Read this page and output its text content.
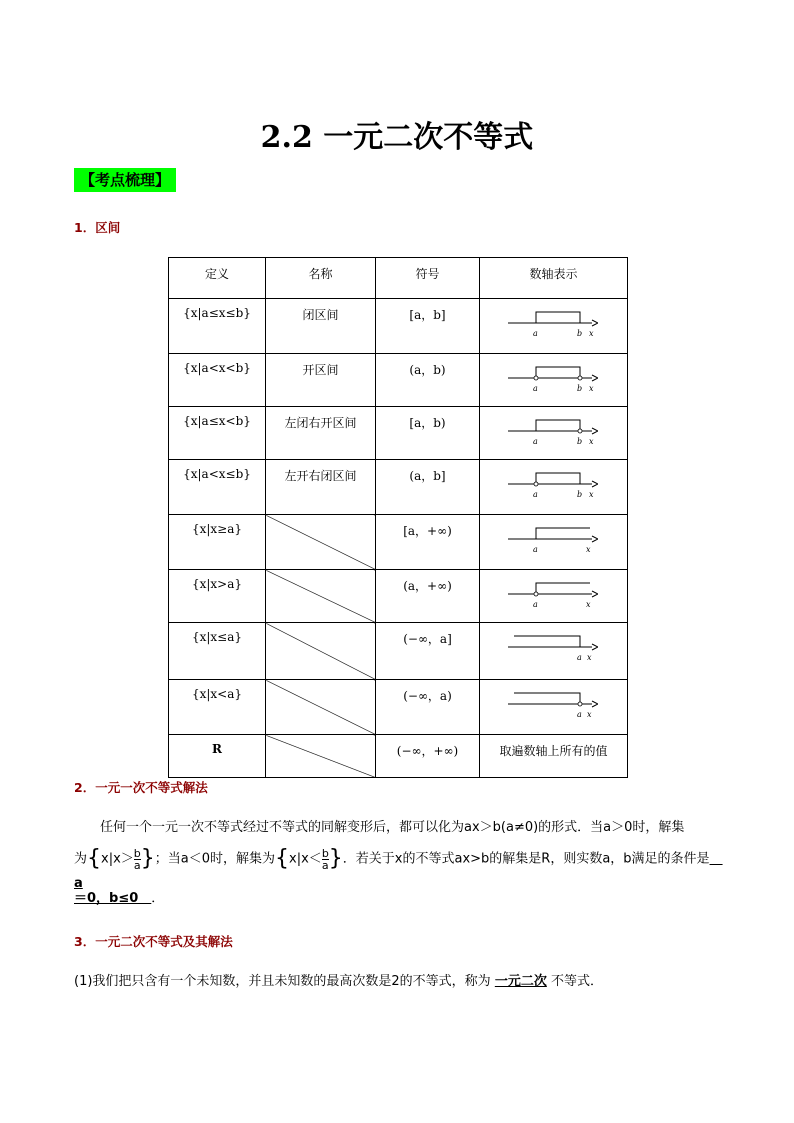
2.2 一元二次不等式
【考点梳理】
1．区间
定义	名称	符号	数轴表示

{x|a≤x≤b}	闭区间	[a，b]	a b x

{x|a<x<b}	开区间	(a，b)	a b x

{x|a≤x<b}	左闭右开区间	[a，b)	a b x

{x|a<x≤b}	左开右闭区间	(a，b]	a b x

{x|x≥a}		[a，+∞)	a x

{x|x>a}		(a，+∞)	a x

{x|x≤a}		(−∞，a]	a x

{x|x<a}		(−∞，a)	a x

R		(−∞，+∞)	取遍数轴上所有的值
2．一元一次不等式解法
任何一个一元一次不等式经过不等式的同解变形后，都可以化为ax＞b(a≠0)的形式．当a＞0时，解集
为$\{x|x> \frac{b}{a}\}$；当a＜0时，解集为$\{x|x< \frac{b}{a}\}$．若关于x的不等式ax>b的解集是R，则实数a，b满足的条件是　a
＝0，b≤0　．
3．一元二次不等式及其解法
(1)我们把只含有一个未知数，并且未知数的最高次数是2的不等式，称为 一元二次 不等式．
